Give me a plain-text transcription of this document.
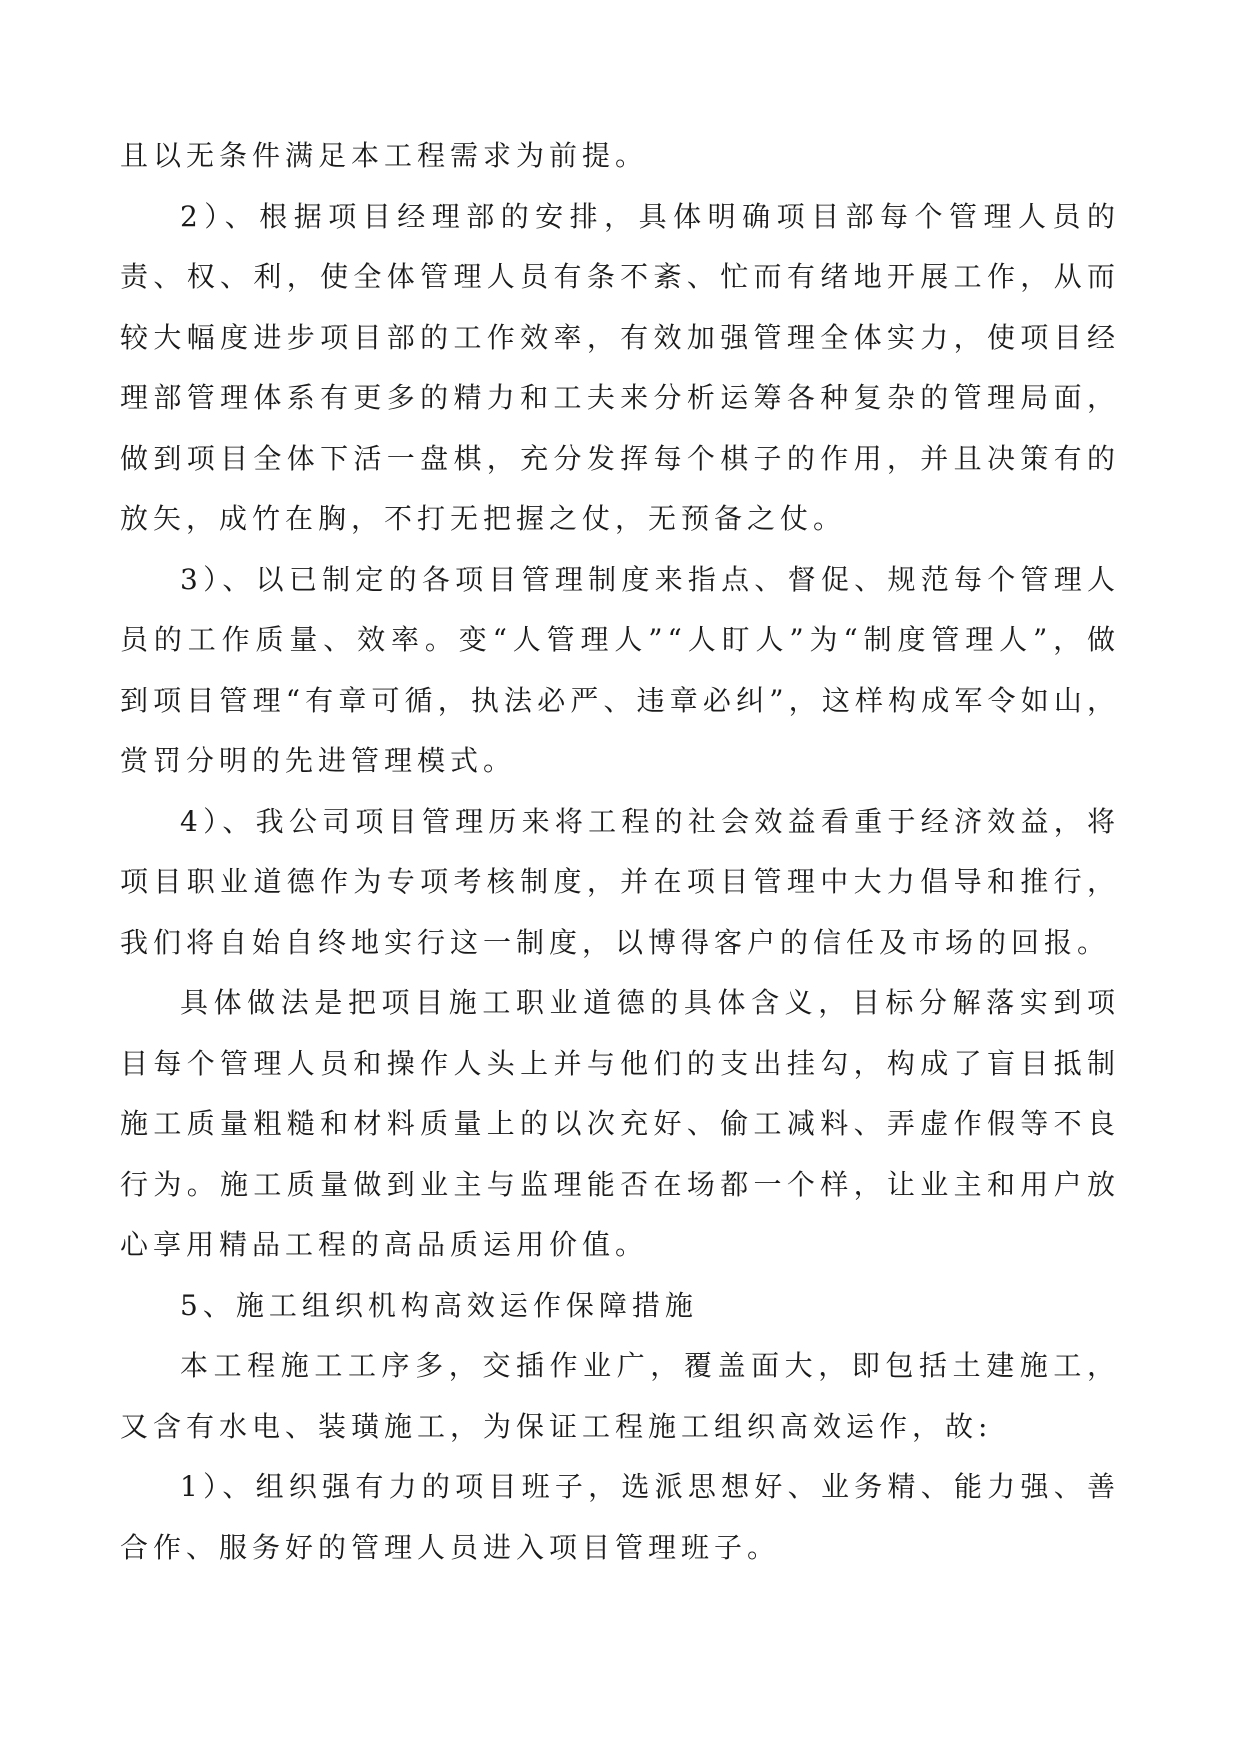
且以无条件满足本工程需求为前提。

2）、根据项目经理部的安排，具体明确项目部每个管理人员的责、权、利，使全体管理人员有条不紊、忙而有绪地开展工作，从而较大幅度进步项目部的工作效率，有效加强管理全体实力，使项目经理部管理体系有更多的精力和工夫来分析运筹各种复杂的管理局面，做到项目全体下活一盘棋，充分发挥每个棋子的作用，并且决策有的放矢，成竹在胸，不打无把握之仗，无预备之仗。

3）、以已制定的各项目管理制度来指点、督促、规范每个管理人员的工作质量、效率。变“人管理人”“人盯人”为“制度管理人”，做到项目管理“有章可循，执法必严、违章必纠”，这样构成军令如山，赏罚分明的先进管理模式。

4）、我公司项目管理历来将工程的社会效益看重于经济效益，将项目职业道德作为专项考核制度，并在项目管理中大力倡导和推行，我们将自始自终地实行这一制度，以博得客户的信任及市场的回报。

具体做法是把项目施工职业道德的具体含义，目标分解落实到项目每个管理人员和操作人头上并与他们的支出挂勾，构成了盲目抵制施工质量粗糙和材料质量上的以次充好、偷工减料、弄虚作假等不良行为。施工质量做到业主与监理能否在场都一个样，让业主和用户放心享用精品工程的高品质运用价值。

5、施工组织机构高效运作保障措施

本工程施工工序多，交插作业广，覆盖面大，即包括土建施工，又含有水电、装璜施工，为保证工程施工组织高效运作，故:

1）、组织强有力的项目班子，选派思想好、业务精、能力强、善合作、服务好的管理人员进入项目管理班子。
